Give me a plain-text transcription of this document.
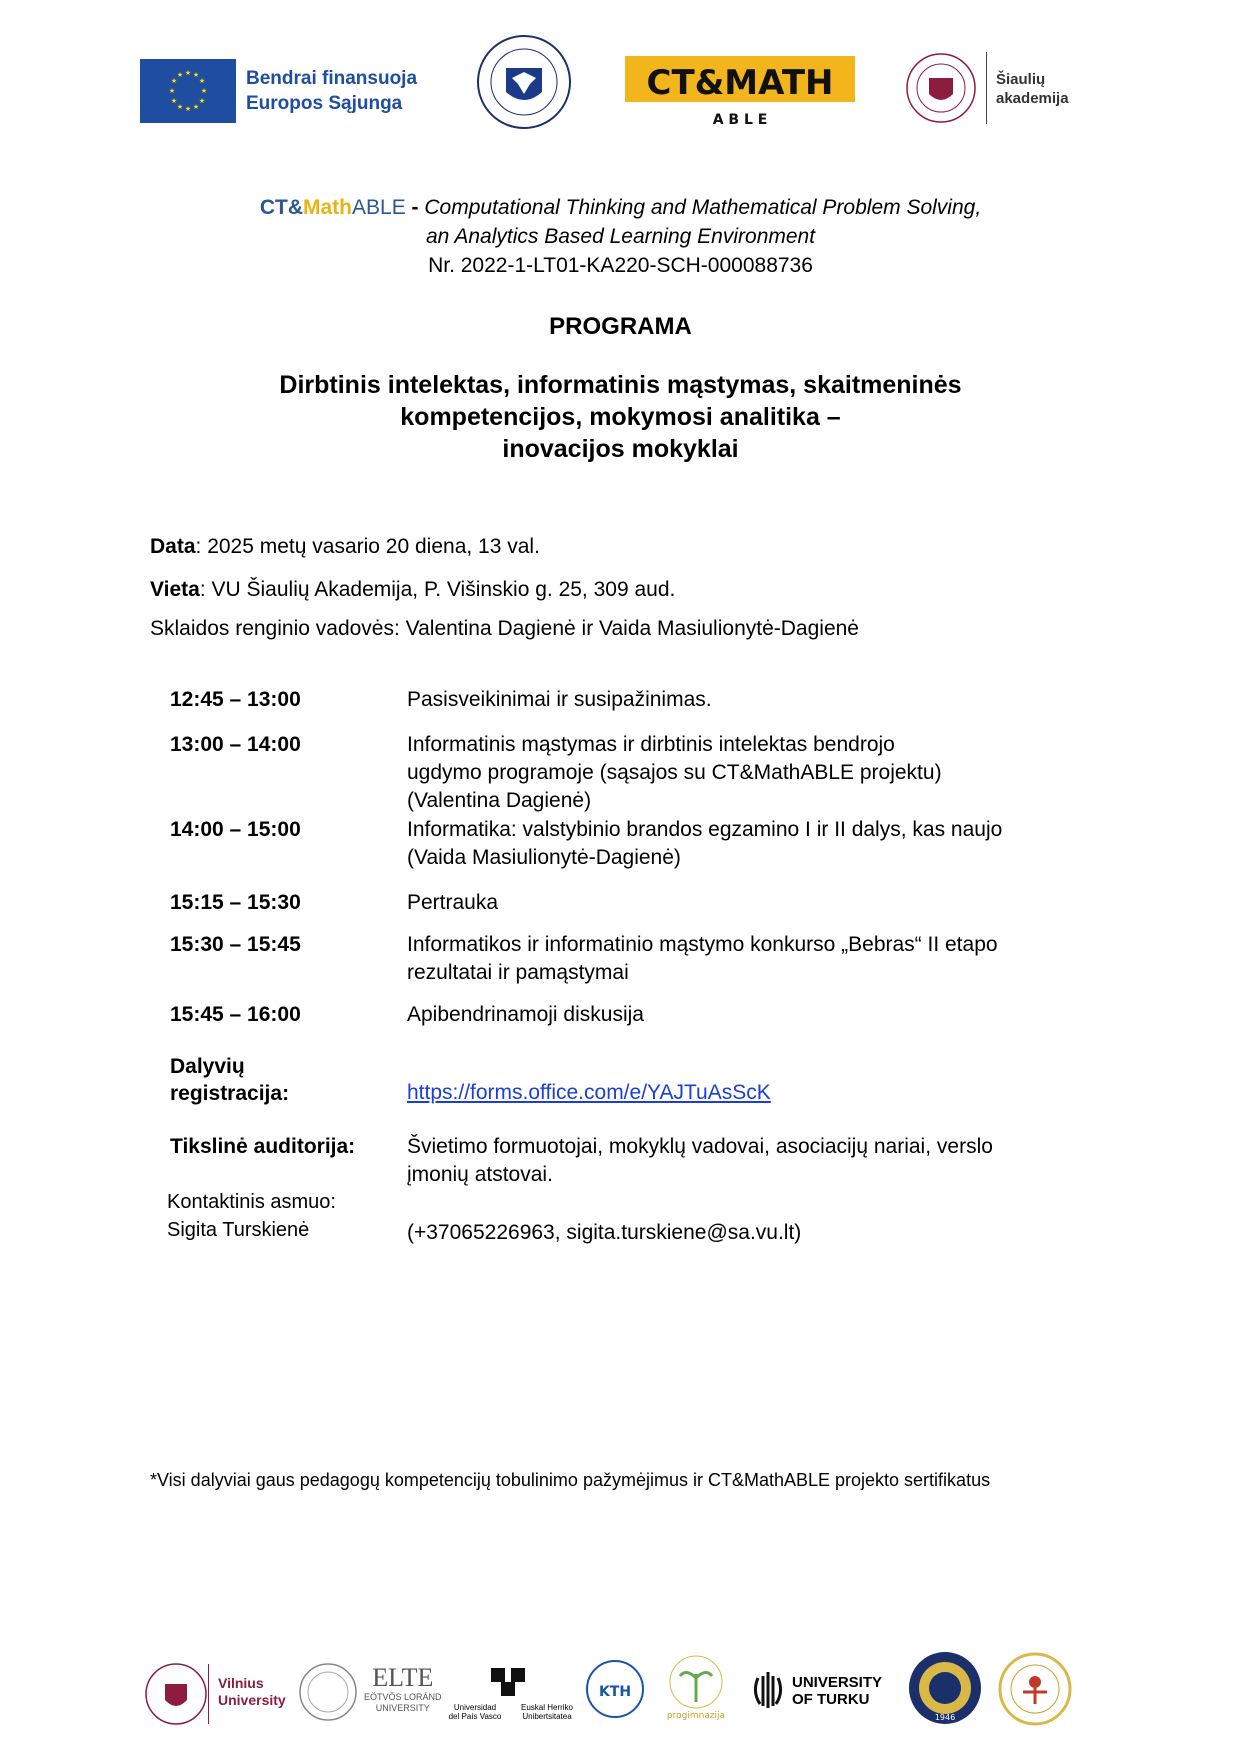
★ ★
★
★
★
★
★
★
★
★
★
★	Bendrai finansuoja
Europos Sąjunga
CT&MATH
A B L E
Šiaulių
akademija
CT&MathABLE - Computational Thinking and Mathematical Problem Solving,
an Analytics Based Learning Environment
Nr. 2022-1-LT01-KA220-SCH-000088736
PROGRAMA
Dirbtinis intelektas, informatinis mąstymas, skaitmeninės
kompetencijos, mokymosi analitika –
inovacijos mokyklai
Data: 2025 metų vasario 20 diena, 13 val.
Vieta: VU Šiaulių Akademija, P. Višinskio g. 25, 309 aud.
Sklaidos renginio vadovės: Valentina Dagienė ir Vaida Masiulionytė-Dagienė
12:45 – 13:00	Pasisveikinimai ir susipažinimas.
13:00 – 14:00	Informatinis mąstymas ir dirbtinis intelektas bendrojo
ugdymo programoje (sąsajos su CT&MathABLE projektu)
(Valentina Dagienė)
14:00 – 15:00	Informatika: valstybinio brandos egzamino I ir II dalys, kas naujo
(Vaida Masiulionytė-Dagienė)
15:15 – 15:30	Pertrauka
15:30 – 15:45	Informatikos ir informatinio mąstymo konkurso „Bebras“ II etapo
rezultatai ir pamąstymai
15:45 – 16:00	Apibendrinamoji diskusija
Dalyvių
registracija:	https://forms.office.com/e/YAJTuAsScK
Tikslinė auditorija: Švietimo formuotojai, mokyklų vadovai, asociacijų nariai, verslo
įmonių atstovai.
Kontaktinis asmuo:
Sigita Turskienė	(+37065226963, sigita.turskiene@sa.vu.lt)
*Visi dalyviai gaus pedagogų kompetencijų tobulinimo pažymėjimus ir CT&MathABLE projekto sertifikatus
Vilnius
University
ELTE
EÖTVÖS LORÁND
UNIVERSITY	Universidad
del País Vasco
Euskal Herriko
Unibertsitatea
KTH
progimnazija
UNIVERSITY
OF TURKU
1946
